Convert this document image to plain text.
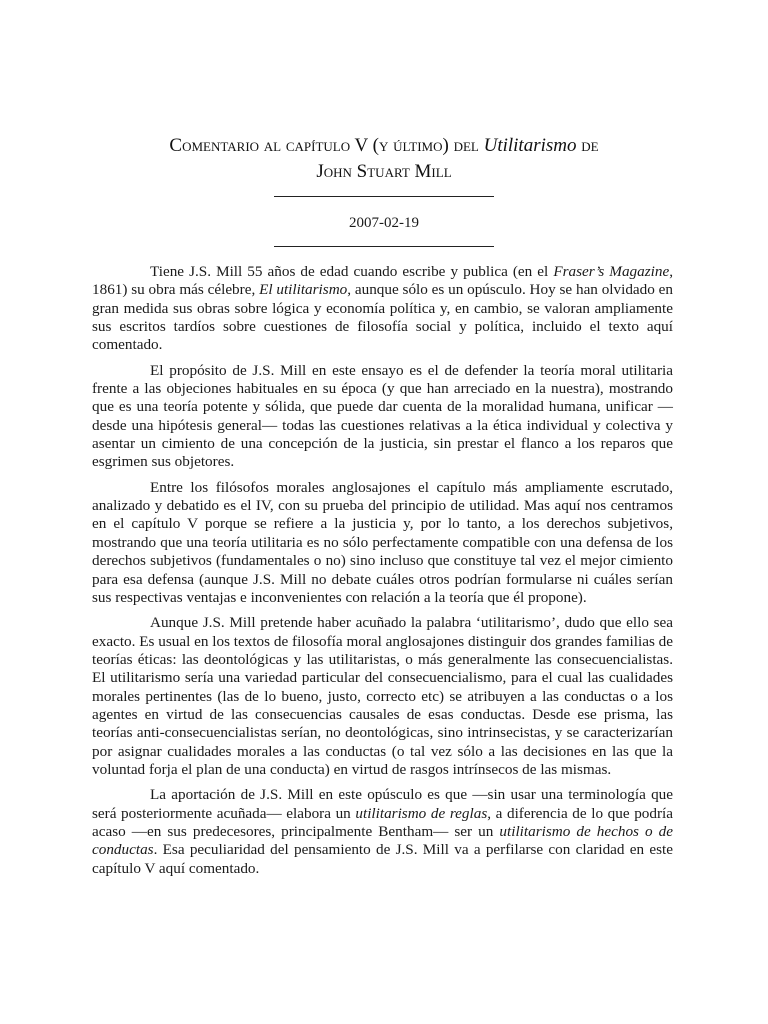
Comentario al capítulo V (y último) del Utilitarismo de
John Stuart Mill
2007-02-19

Tiene J.S. Mill 55 años de edad cuando escribe y publica (en el Fraser’s Magazine, 1861) su obra más célebre, El utilitarismo, aunque sólo es un opúsculo. Hoy se han olvidado en gran medida sus obras sobre lógica y economía política y, en cambio, se valoran ampliamente sus escritos tardíos sobre cuestiones de filosofía social y política, incluido el texto aquí comentado.

El propósito de J.S. Mill en este ensayo es el de defender la teoría moral utilitaria frente a las objeciones habituales en su época (y que han arreciado en la nuestra), mostrando que es una teoría potente y sólida, que puede dar cuenta de la moralidad humana, unificar —desde una hipótesis general— todas las cuestiones relativas a la ética individual y colectiva y asentar un cimiento de una concepción de la justicia, sin prestar el flanco a los reparos que esgrimen sus objetores.

Entre los filósofos morales anglosajones el capítulo más ampliamente escrutado, analizado y debatido es el IV, con su prueba del principio de utilidad. Mas aquí nos centramos en el capítulo V porque se refiere a la justicia y, por lo tanto, a los derechos subjetivos, mostrando que una teoría utilitaria es no sólo perfectamente compatible con una defensa de los derechos subjetivos (fundamentales o no) sino incluso que constituye tal vez el mejor cimiento para esa defensa (aunque J.S. Mill no debate cuáles otros podrían formularse ni cuáles serían sus respectivas ventajas e inconvenientes con relación a la teoría que él propone).

Aunque J.S. Mill pretende haber acuñado la palabra ‘utilitarismo’, dudo que ello sea exacto. Es usual en los textos de filosofía moral anglosajones distinguir dos grandes familias de teorías éticas: las deontológicas y las utilitaristas, o más generalmente las consecuencialistas. El utilitarismo sería una variedad particular del consecuencialismo, para el cual las cualidades morales pertinentes (las de lo bueno, justo, correcto etc) se atribuyen a las conductas o a los agentes en virtud de las consecuencias causales de esas conductas. Desde ese prisma, las teorías anti-consecuencialistas serían, no deontológicas, sino intrinsecistas, y se caracterizarían por asignar cualidades morales a las conductas (o tal vez sólo a las decisiones en las que la voluntad forja el plan de una conducta) en virtud de rasgos intrínsecos de las mismas.

La aportación de J.S. Mill en este opúsculo es que —sin usar una terminología que será posteriormente acuñada— elabora un utilitarismo de reglas, a diferencia de lo que podría acaso —en sus predecesores, principalmente Bentham— ser un utilitarismo de hechos o de conductas. Esa peculiaridad del pensamiento de J.S. Mill va a perfilarse con claridad en este capítulo V aquí comentado.
